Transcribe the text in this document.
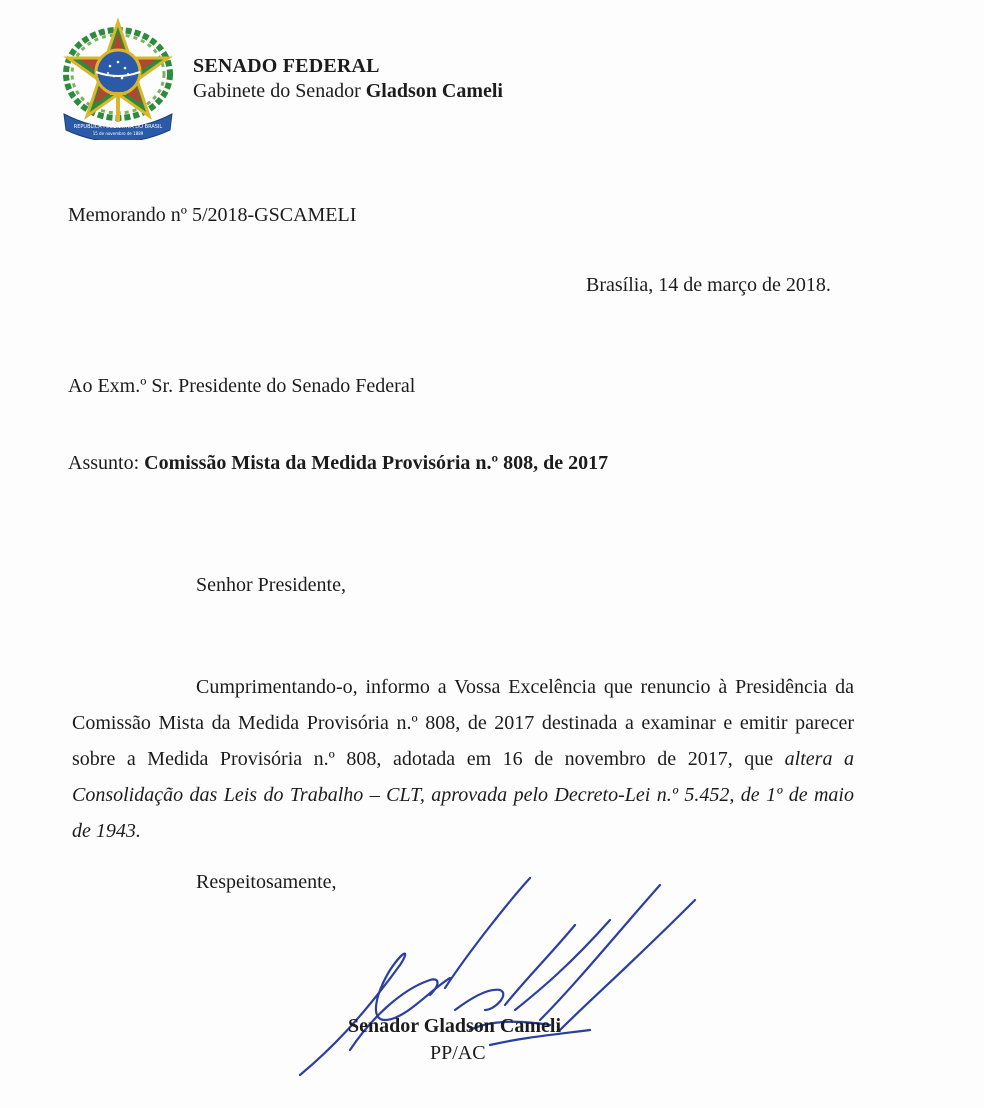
REPUBLICA FEDERATIVA DO BRASIL
15 de novembro de 1889
SENADO FEDERAL
Gabinete do Senador Gladson Cameli
Memorando nº 5/2018-GSCAMELI
Brasília, 14 de março de 2018.
Ao Exm.º Sr. Presidente do Senado Federal
Assunto: Comissão Mista da Medida Provisória n.º 808, de 2017
Senhor Presidente,
Cumprimentando-o, informo a Vossa Excelência que renuncio à Presidência da Comissão Mista da Medida Provisória n.º 808, de 2017 destinada a examinar e emitir parecer sobre a Medida Provisória n.º 808, adotada em 16 de novembro de 2017, que altera a Consolidação das Leis do Trabalho – CLT, aprovada pelo Decreto-Lei n.º 5.452, de 1º de maio de 1943.
Respeitosamente,
Senador Gladson Cameli
PP/AC
